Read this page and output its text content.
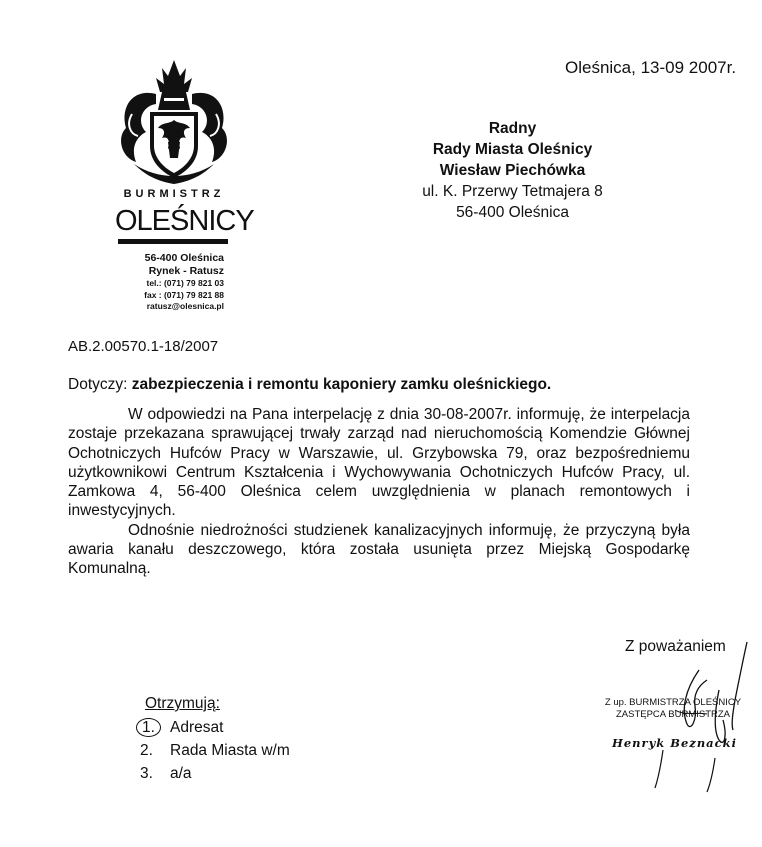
BURMISTRZ
OLEŚNICY
56-400 Oleśnica
Rynek - Ratusz
tel.: (071) 79 821 03
fax : (071) 79 821 88
ratusz@olesnica.pl
Oleśnica, 13-09 2007r.
Radny
Rady Miasta Oleśnicy
Wiesław Piechówka
ul. K. Przerwy Tetmajera 8
56-400 Oleśnica
AB.2.00570.1-18/2007
Dotyczy: zabezpieczenia i remontu kaponiery zamku oleśnickiego.

W odpowiedzi na Pana interpelację z dnia 30-08-2007r. informuję, że interpelacja zostaje przekazana sprawującej trwały zarząd nad nieruchomością Komendzie Głównej Ochotniczych Hufców Pracy w Warszawie, ul. Grzybowska 79, oraz bezpośredniemu użytkownikowi Centrum Kształcenia i Wychowywania Ochotniczych Hufców Pracy, ul. Zamkowa 4, 56-400 Oleśnica celem uwzględnienia w planach remontowych i inwestycyjnych.

Odnośnie niedrożności studzienek kanalizacyjnych informuję, że przyczyną była awaria kanału deszczowego, która została usunięta przez Miejską Gospodarkę Komunalną.

Z poważaniem
Z up. BURMISTRZA OLEŚNICY
ZASTĘPCA BURMISTRZA
Henryk Beznacki
Otrzymują:
1. Adresat
2.	Rada Miasta w/m
3.	a/a
